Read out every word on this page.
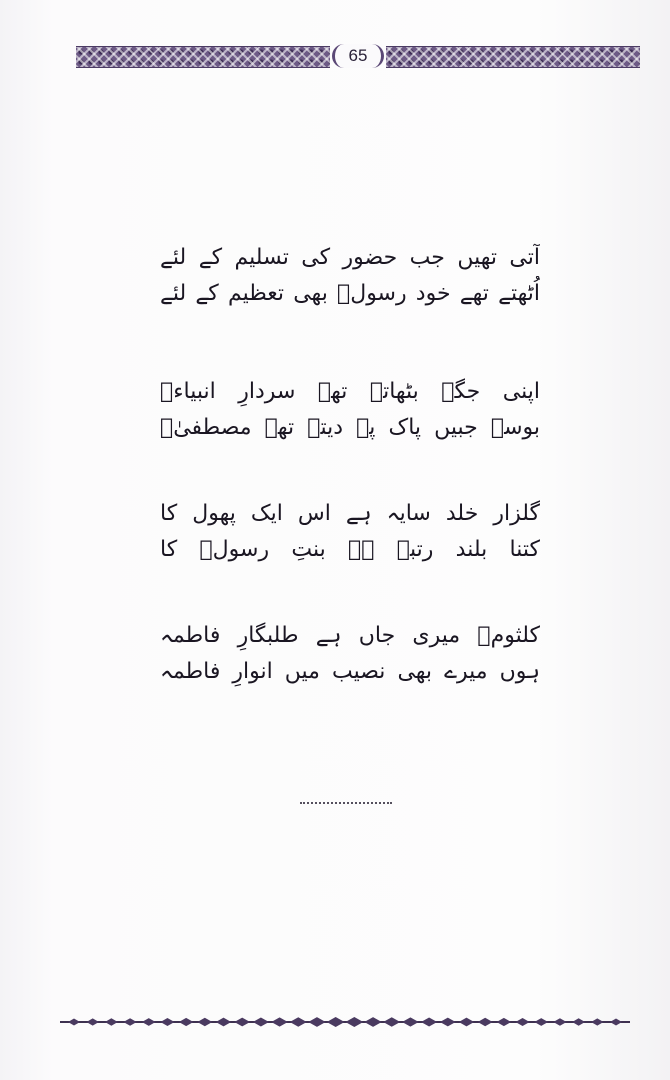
65
آتی تھیں جب حضور کی تسلیم کے لئے
اُٹھتے تھے خود رسولؐ بھی تعظیم کے لئے
اپنی جگہ بٹھاتے تھے سردارِ انبیاءؐ
بوسہ جبیں پاک پہ دیتے تھے مصطفیٰؐ
گلزار خلد سایہ ہے اس ایک پھول کا
کتنا بلند رتبہ ہے بنتِ رسولؐ کا
کلثومؔ میری جاں ہے طلبگارِ فاطمہ
ہوں میرے بھی نصیب میں انوارِ فاطمہ
